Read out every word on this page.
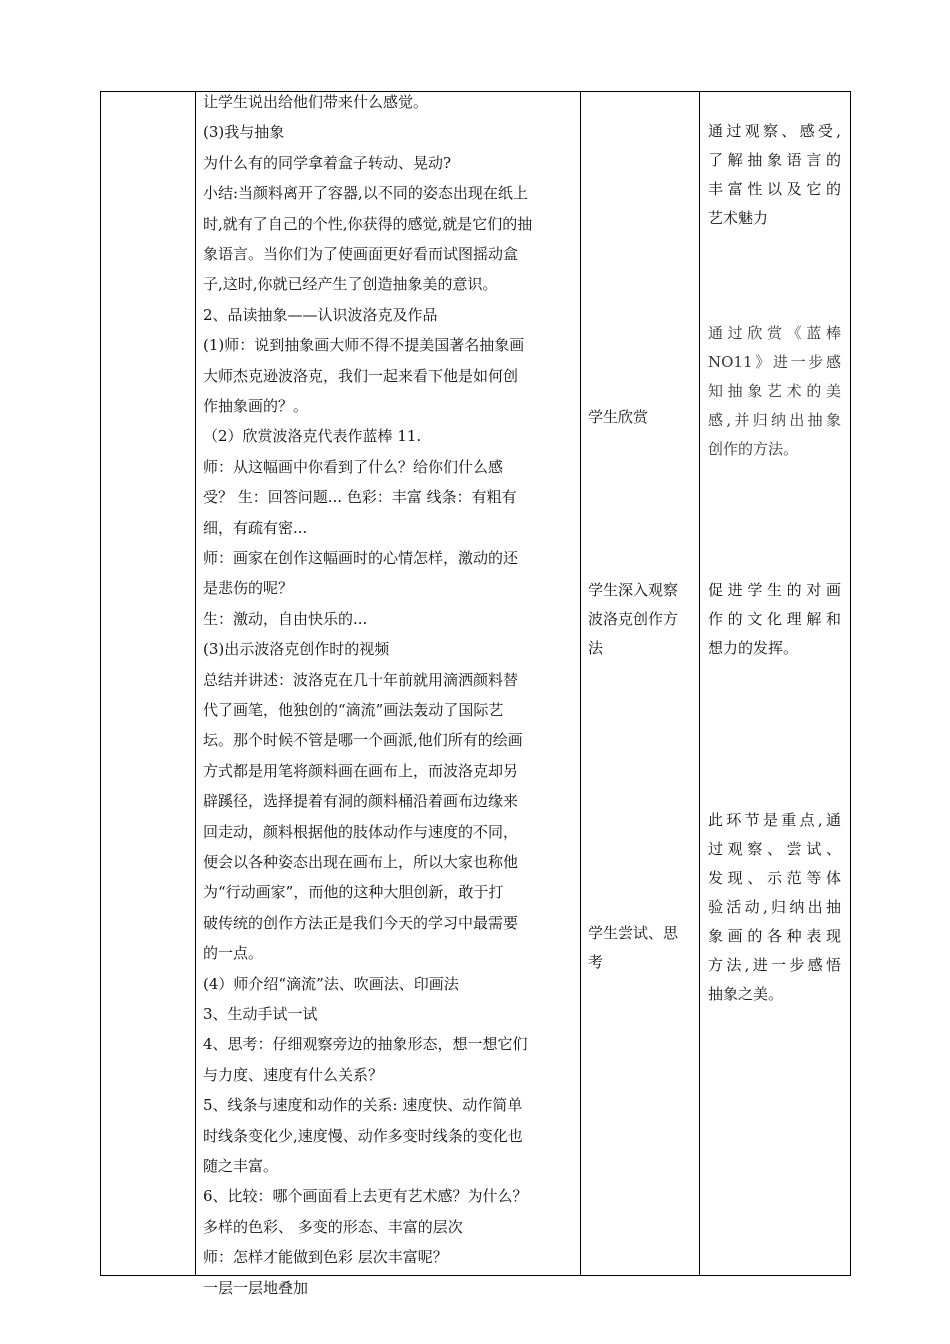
让学生说出给他们带来什么感觉。
(3)我与抽象
为什么有的同学拿着盒子转动、晃动?
小结:当颜料离开了容器,以不同的姿态出现在纸上
时,就有了自己的个性,你获得的感觉,就是它们的抽
象语言。当你们为了使画面更好看而试图摇动盒
子,这时,你就已经产生了创造抽象美的意识。
2、品读抽象——认识波洛克及作品
(1)师：说到抽象画大师不得不提美国著名抽象画
大师杰克逊波洛克，我们一起来看下他是如何创
作抽象画的？。
（2）欣赏波洛克代表作蓝棒 11.
师：从这幅画中你看到了什么？给你们什么感
受？ 生：回答问题... 色彩：丰富 线条：有粗有
细，有疏有密...
师：画家在创作这幅画时的心情怎样，激动的还
是悲伤的呢？
生：激动，自由快乐的...
(3)出示波洛克创作时的视频
总结并讲述：波洛克在几十年前就用滴洒颜料替
代了画笔，他独创的“滴流”画法轰动了国际艺
坛。那个时候不管是哪一个画派,他们所有的绘画
方式都是用笔将颜料画在画布上，而波洛克却另
辟蹊径，选择提着有洞的颜料桶沿着画布边缘来
回走动，颜料根据他的肢体动作与速度的不同，
便会以各种姿态出现在画布上，所以大家也称他
为“行动画家”，而他的这种大胆创新，敢于打
破传统的创作方法正是我们今天的学习中最需要
的一点。
(4）师介绍“滴流”法、吹画法、印画法
3、生动手试一试
4、思考：仔细观察旁边的抽象形态，想一想它们
与力度、速度有什么关系？
5、线条与速度和动作的关系: 速度快、动作简单
时线条变化少,速度慢、动作多变时线条的变化也
随之丰富。
6、比较：哪个画面看上去更有艺术感？为什么？
多样的色彩、 多变的形态、丰富的层次
师：怎样才能做到色彩 层次丰富呢？
一层一层地叠加
学生欣赏
学生深入观察
波洛克创作方
法
学生尝试、思
考
通过观察、感受,
了解抽象语言的
丰富性以及它的
艺术魅力
通过欣赏《蓝棒
NO11》进一步感
知抽象艺术的美
感,并归纳出抽象
创作的方法。
促进学生的对画
作的文化理解和
想力的发挥。
此环节是重点,通
过观察、尝试、
发现、示范等体
验活动,归纳出抽
象画的各种表现
方法,进一步感悟
抽象之美。
